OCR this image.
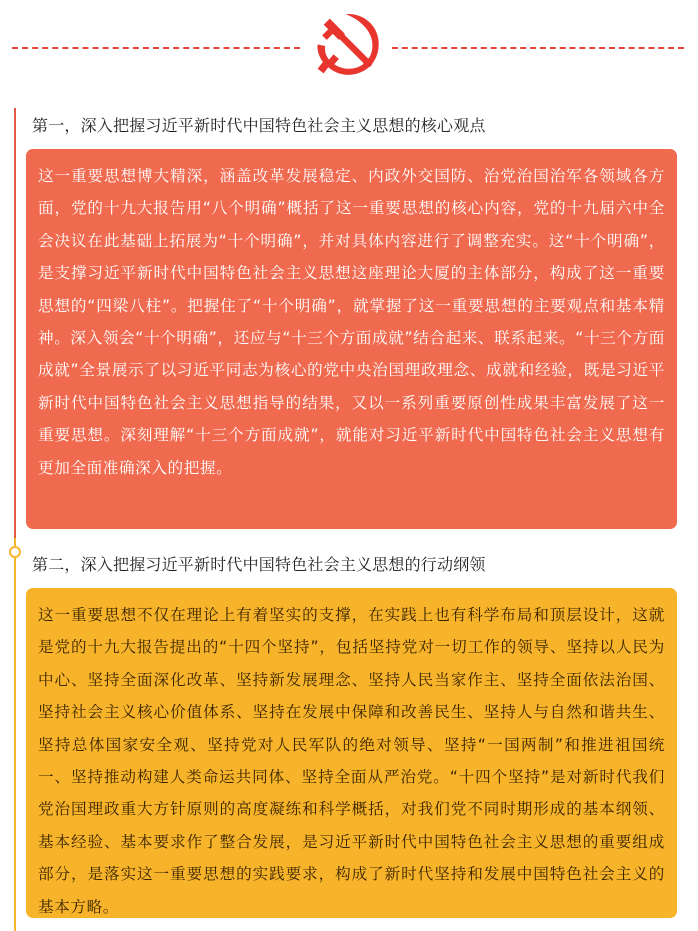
第一，深入把握习近平新时代中国特色社会主义思想的核心观点

这一重要思想博大精深，涵盖改革发展稳定、内政外交国防、治党治国治军各领域各方面，党的十九大报告用“八个明确”概括了这一重要思想的核心内容，党的十九届六中全会决议在此基础上拓展为“十个明确”，并对具体内容进行了调整充实。这“十个明确”，是支撑习近平新时代中国特色社会主义思想这座理论大厦的主体部分，构成了这一重要思想的“四梁八柱”。把握住了“十个明确”，就掌握了这一重要思想的主要观点和基本精神。深入领会“十个明确”，还应与“十三个方面成就”结合起来、联系起来。“十三个方面成就”全景展示了以习近平同志为核心的党中央治国理政理念、成就和经验，既是习近平新时代中国特色社会主义思想指导的结果，又以一系列重要原创性成果丰富发展了这一重要思想。深刻理解“十三个方面成就”，就能对习近平新时代中国特色社会主义思想有更加全面准确深入的把握。

第二，深入把握习近平新时代中国特色社会主义思想的行动纲领

这一重要思想不仅在理论上有着坚实的支撑，在实践上也有科学布局和顶层设计，这就是党的十九大报告提出的“十四个坚持”，包括坚持党对一切工作的领导、坚持以人民为中心、坚持全面深化改革、坚持新发展理念、坚持人民当家作主、坚持全面依法治国、坚持社会主义核心价值体系、坚持在发展中保障和改善民生、坚持人与自然和谐共生、坚持总体国家安全观、坚持党对人民军队的绝对领导、坚持“一国两制”和推进祖国统一、坚持推动构建人类命运共同体、坚持全面从严治党。“十四个坚持”是对新时代我们党治国理政重大方针原则的高度凝练和科学概括，对我们党不同时期形成的基本纲领、基本经验、基本要求作了整合发展，是习近平新时代中国特色社会主义思想的重要组成部分，是落实这一重要思想的实践要求，构成了新时代坚持和发展中国特色社会主义的基本方略。
